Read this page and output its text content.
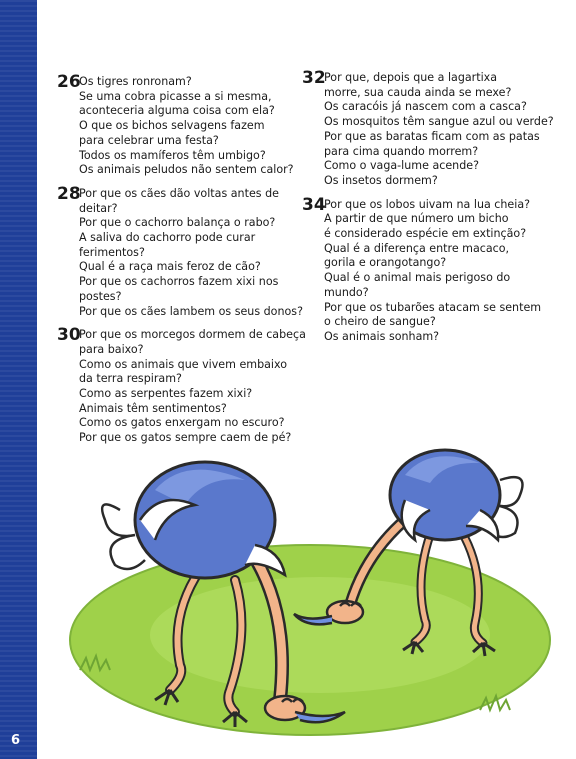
6
26
Os tigres ronronam?
Se uma cobra picasse a si mesma,
aconteceria alguma coisa com ela?
O que os bichos selvagens fazem
para celebrar uma festa?
Todos os mamíferos têm umbigo?
Os animais peludos não sentem calor?
28
Por que os cães dão voltas antes de
deitar?
Por que o cachorro balança o rabo?
A saliva do cachorro pode curar
ferimentos?
Qual é a raça mais feroz de cão?
Por que os cachorros fazem xixi nos
postes?
Por que os cães lambem os seus donos?
30
Por que os morcegos dormem de cabeça
para baixo?
Como os animais que vivem embaixo
da terra respiram?
Como as serpentes fazem xixi?
Animais têm sentimentos?
Como os gatos enxergam no escuro?
Por que os gatos sempre caem de pé?
32
Por que, depois que a lagartixa
morre, sua cauda ainda se mexe?
Os caracóis já nascem com a casca?
Os mosquitos têm sangue azul ou verde?
Por que as baratas ficam com as patas
para cima quando morrem?
Como o vaga-lume acende?
Os insetos dormem?
34
Por que os lobos uivam na lua cheia?
A partir de que número um bicho
é considerado espécie em extinção?
Qual é a diferença entre macaco,
gorila e orangotango?
Qual é o animal mais perigoso do
mundo?
Por que os tubarões atacam se sentem
o cheiro de sangue?
Os animais sonham?
